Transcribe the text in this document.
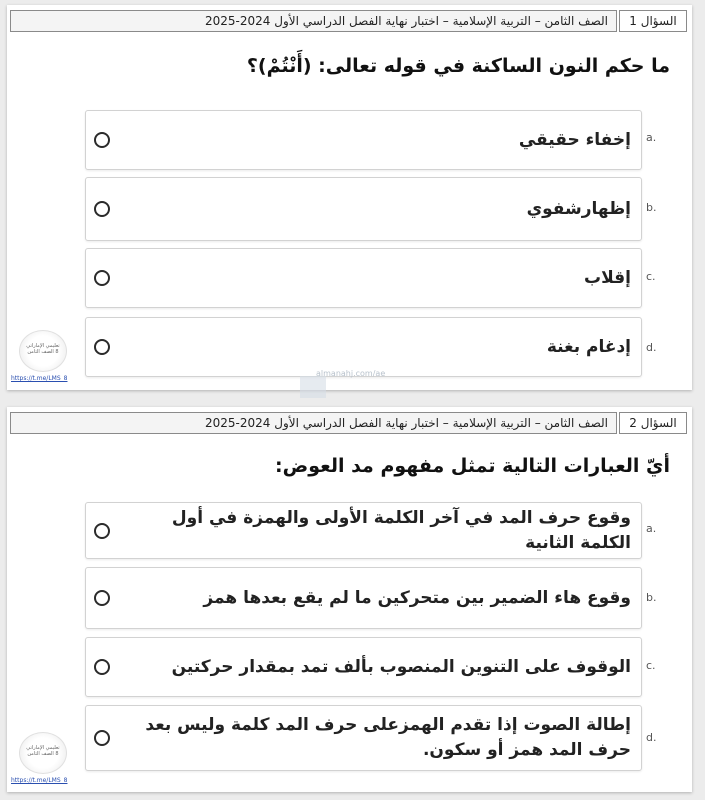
السؤال 1
الصف الثامن – التربية الإسلامية – اختبار نهاية الفصل الدراسي الأول 2024-2025
ما حكم النون الساكنة في قوله تعالى: (أَنْتُمْ)؟
إخفاء حقيقي a.
إظهارشفوي b.
إقلاب c.
إدغام بغنة d.
تعليمي الإماراتي 8 الصف الثامن
https://t.me/LMS_8
almanahj.com/ae
السؤال 2
الصف الثامن – التربية الإسلامية – اختبار نهاية الفصل الدراسي الأول 2024-2025
أيّ العبارات التالية تمثل مفهوم مد العوض:
وقوع حرف المد في آخر الكلمة الأولى والهمزة في أول الكلمة الثانية
a.
وقوع هاء الضمير بين متحركين ما لم يقع بعدها همز b.
الوقوف على التنوين المنصوب بألف تمد بمقدار حركتين c.
إطالة الصوت إذا تقدم الهمزعلى حرف المد كلمة وليس بعد حرف المد همز أو سكون.
d.
تعليمي الإماراتي 8 الصف الثامن
https://t.me/LMS_8
